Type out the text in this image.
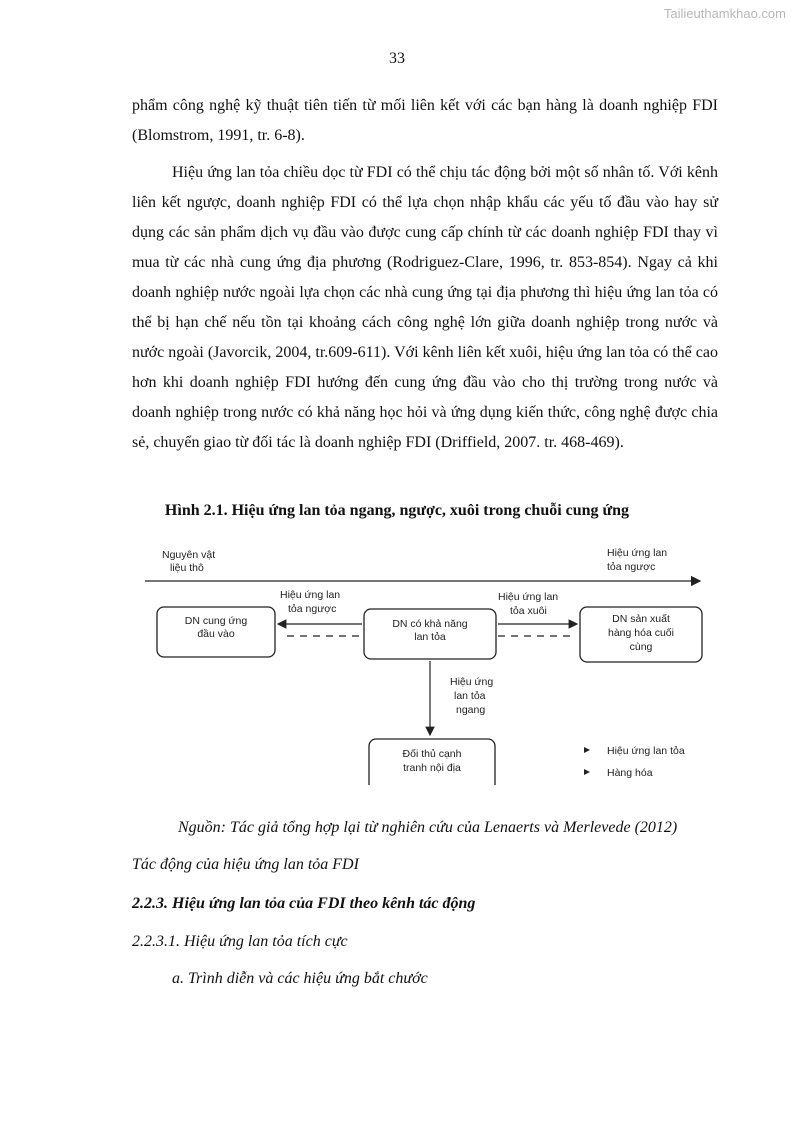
Tailieuthamkhao.com
33

phẩm công nghệ kỹ thuật tiên tiến từ mối liên kết với các bạn hàng là doanh nghiệp FDI (Blomstrom, 1991, tr. 6-8).

Hiệu ứng lan tỏa chiều dọc từ FDI có thể chịu tác động bởi một số nhân tố. Với kênh liên kết ngược, doanh nghiệp FDI có thể lựa chọn nhập khẩu các yếu tố đầu vào hay sử dụng các sản phẩm dịch vụ đầu vào được cung cấp chính từ các doanh nghiệp FDI thay vì mua từ các nhà cung ứng địa phương (Rodriguez-Clare, 1996, tr. 853-854). Ngay cả khi doanh nghiệp nước ngoài lựa chọn các nhà cung ứng tại địa phương thì hiệu ứng lan tỏa có thể bị hạn chế nếu tồn tại khoảng cách công nghệ lớn giữa doanh nghiệp trong nước và nước ngoài (Javorcik, 2004, tr.609-611). Với kênh liên kết xuôi, hiệu ứng lan tỏa có thể cao hơn khi doanh nghiệp FDI hướng đến cung ứng đầu vào cho thị trường trong nước và doanh nghiệp trong nước có khả năng học hỏi và ứng dụng kiến thức, công nghệ được chia sẻ, chuyển giao từ đối tác là doanh nghiệp FDI (Driffield, 2007. tr. 468-469).

Hình 2.1. Hiệu ứng lan tỏa ngang, ngược, xuôi trong chuỗi cung ứng
Nguyên vật
liệu thô
Hiệu ứng lan
tỏa ngược
DN cung ứng
đầu vào
DN có khả năng
lan tỏa
DN sản xuất
hàng hóa cuối
cùng
Đối thủ cạnh
tranh nội địa
Hiệu ứng lan
tỏa ngược
Hiệu ứng lan
tỏa xuôi
Hiệu ứng
lan tỏa
ngang
Hiệu ứng lan tỏa
Hàng hóa
Nguồn: Tác giả tổng hợp lại từ nghiên cứu của Lenaerts và Merlevede (2012)
Tác động của hiệu ứng lan tỏa FDI
2.2.3. Hiệu ứng lan tỏa của FDI theo kênh tác động
2.2.3.1. Hiệu ứng lan tỏa tích cực
a. Trình diễn và các hiệu ứng bắt chước
